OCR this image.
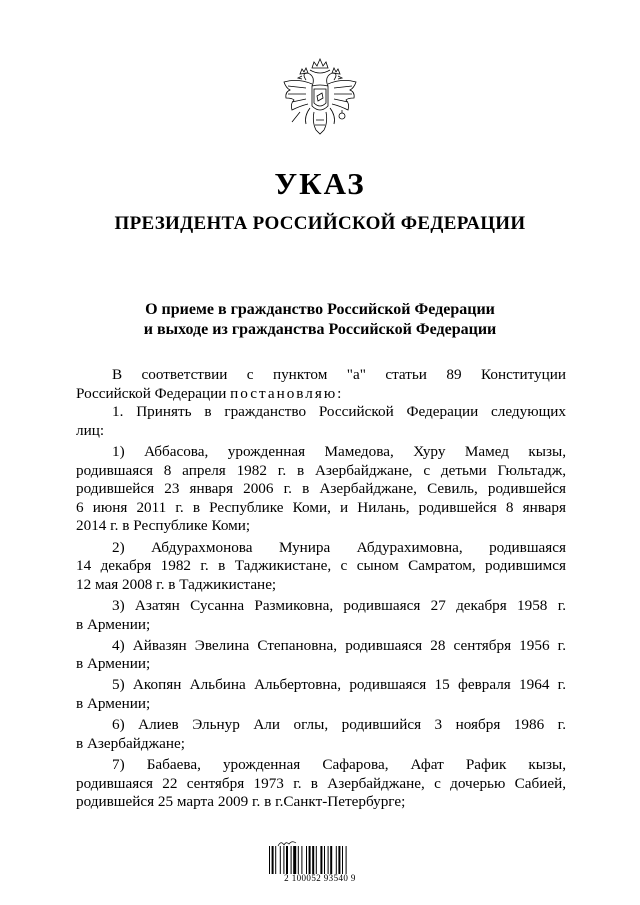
УКАЗ
ПРЕЗИДЕНТА РОССИЙСКОЙ ФЕДЕРАЦИИ
О приеме в гражданство Российской Федерации
и выходе из гражданства Российской Федерации
В соответствии с пунктом "а" статьи 89 Конституции
Российской Федерации постановляю:
1. Принять в гражданство Российской Федерации следующих
лиц:
1) Аббасова, урожденная Мамедова, Хуру Мамед кызы,
родившаяся 8 апреля 1982 г. в Азербайджане, с детьми Гюльтадж,
родившейся 23 января 2006 г. в Азербайджане, Севиль, родившейся
6 июня 2011 г. в Республике Коми, и Нилань, родившейся 8 января
2014 г. в Республике Коми;
2) Абдурахмонова Мунира Абдурахимовна, родившаяся
14 декабря 1982 г. в Таджикистане, с сыном Самратом, родившимся
12 мая 2008 г. в Таджикистане;
3) Азатян Сусанна Размиковна, родившаяся 27 декабря 1958 г.
в Армении;
4) Айвазян Эвелина Степановна, родившаяся 28 сентября 1956 г.
в Армении;
5) Акопян Альбина Альбертовна, родившаяся 15 февраля 1964 г.
в Армении;
6) Алиев Эльнур Али оглы, родившийся 3 ноября 1986 г.
в Азербайджане;
7) Бабаева, урожденная Сафарова, Афат Рафик кызы,
родившаяся 22 сентября 1973 г. в Азербайджане, с дочерью Сабией,
родившейся 25 марта 2009 г. в г.Санкт-Петербурге;
2 100052 93540 9
